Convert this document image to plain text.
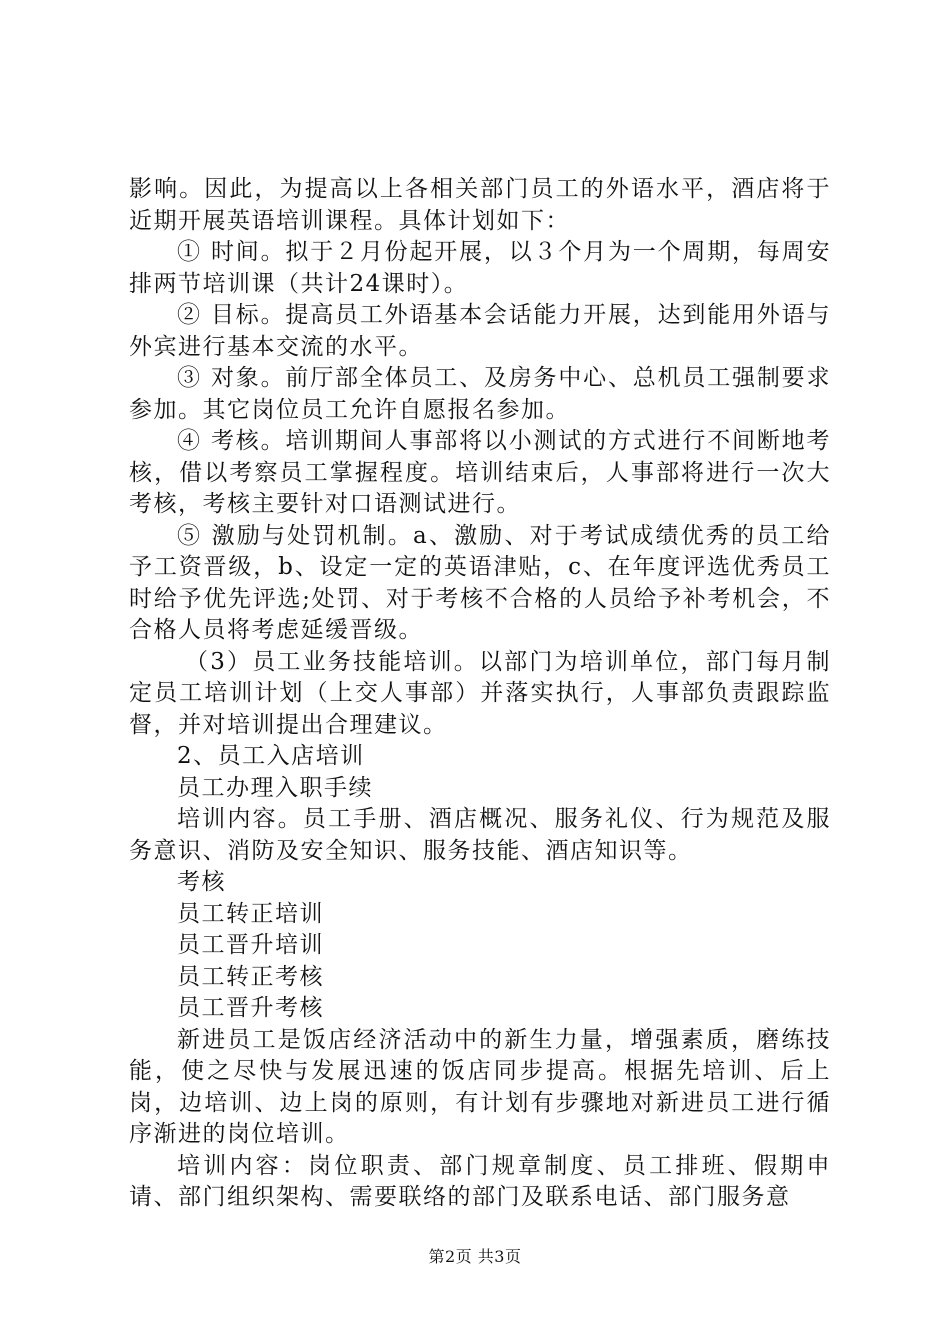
影响。因此，为提高以上各相关部门员工的外语水平，酒店将于近期开展英语培训课程。具体计划如下：

① 时间。拟于２月份起开展，以３个月为一个周期，每周安排两节培训课（共计24课时）。

② 目标。提高员工外语基本会话能力开展，达到能用外语与外宾进行基本交流的水平。

③ 对象。前厅部全体员工、及房务中心、总机员工强制要求参加。其它岗位员工允许自愿报名参加。

④ 考核。培训期间人事部将以小测试的方式进行不间断地考核，借以考察员工掌握程度。培训结束后，人事部将进行一次大考核，考核主要针对口语测试进行。

⑤ 激励与处罚机制。a、激励、对于考试成绩优秀的员工给予工资晋级，b、设定一定的英语津贴，c、在年度评选优秀员工时给予优先评选;处罚、对于考核不合格的人员给予补考机会，不合格人员将考虑延缓晋级。

（3）员工业务技能培训。以部门为培训单位，部门每月制定员工培训计划（上交人事部）并落实执行，人事部负责跟踪监督，并对培训提出合理建议。

2、员工入店培训

员工办理入职手续

培训内容。员工手册、酒店概况、服务礼仪、行为规范及服务意识、消防及安全知识、服务技能、酒店知识等。

考核

员工转正培训

员工晋升培训

员工转正考核

员工晋升考核

新进员工是饭店经济活动中的新生力量，增强素质，磨练技能，使之尽快与发展迅速的饭店同步提高。根据先培训、后上岗，边培训、边上岗的原则，有计划有步骤地对新进员工进行循序渐进的岗位培训。

培训内容：岗位职责、部门规章制度、员工排班、假期申请、部门组织架构、需要联络的部门及联系电话、部门服务意

第2页 共3页
